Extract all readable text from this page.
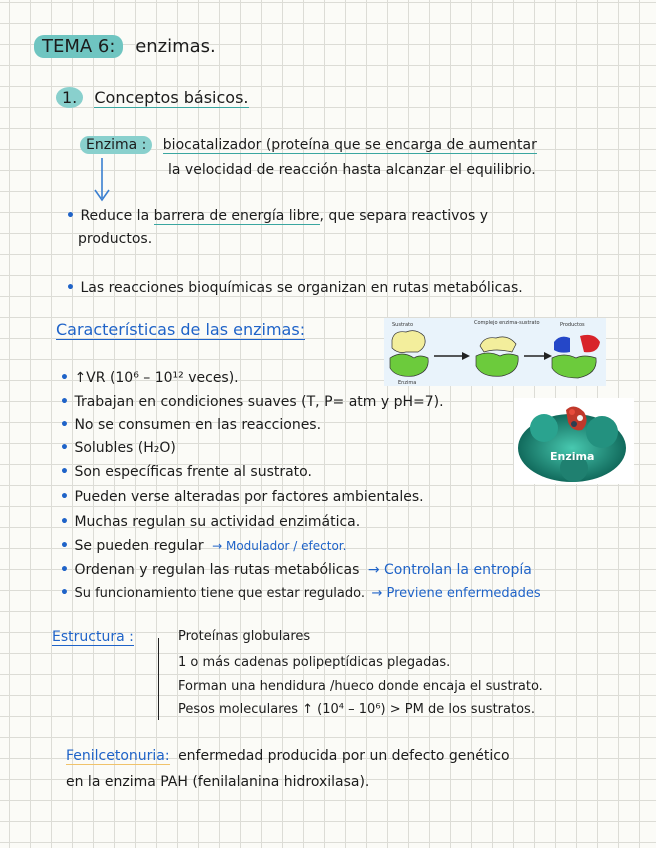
TEMA 6: enzimas.
1. Conceptos básicos.
Enzima : biocatalizador (proteína que se encarga de aumentar
la velocidad de reacción hasta alcanzar el equilibrio.
• Reduce la barrera de energía libre, que separa reactivos y
productos.
• Las reacciones bioquímicas se organizan en rutas metabólicas.
Características de las enzimas:	Sustrato	Complejo enzima-sustrato	Productos
Enzima
Enzima
• ↑VR (10⁶ – 10¹² veces).
• Trabajan en condiciones suaves (T, P= atm y pH=7).
• No se consumen en las reacciones.
• Solubles (H₂O)
• Son específicas frente al sustrato.
• Pueden verse alteradas por factores ambientales.
• Muchas regulan su actividad enzimática.
• Se pueden regular → Modulador / efector.
• Ordenan y regulan las rutas metabólicas → Controlan la entropía
• Su funcionamiento tiene que estar regulado. → Previene enfermedades
Estructura :	Proteínas globulares
1 o más cadenas polipeptídicas plegadas.
Forman una hendidura /hueco donde encaja el sustrato.
Pesos moleculares ↑ (10⁴ – 10⁶) > PM de los sustratos.
Fenilcetonuria: enfermedad producida por un defecto genético
en la enzima PAH (fenilalanina hidroxilasa).
